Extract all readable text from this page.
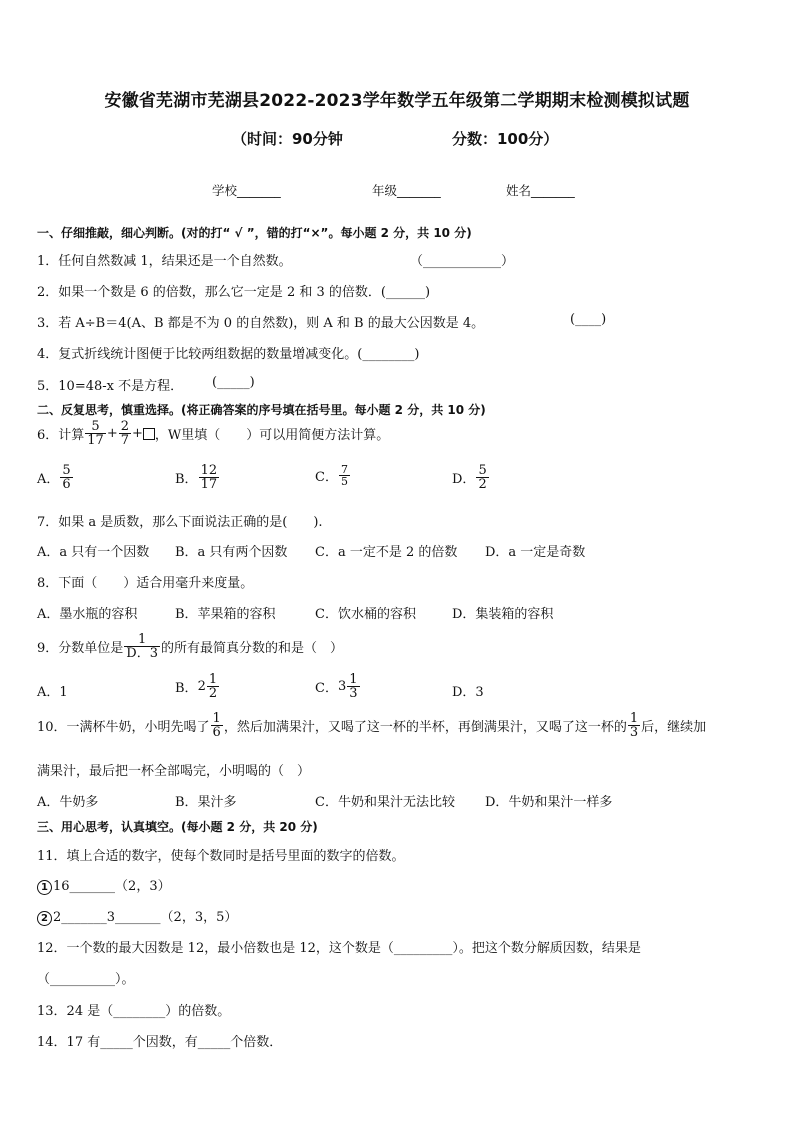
安徽省芜湖市芜湖县2022-2023学年数学五年级第二学期期末检测模拟试题
（时间：90分钟	分数：100分）
学校_______	年级_______	姓名_______
一、仔细推敲，细心判断。(对的打“ √ ”，错的打“×”。每小题 2 分，共 10 分)
1．任何自然数减 1，结果还是一个自然数。	（____________）
2．如果一个数是 6 的倍数，那么它一定是 2 和 3 的倍数．(______)
3．若 A÷B＝4(A、B 都是不为 0 的自然数)，则 A 和 B 的最大公因数是 4。	(____)
4．复式折线统计图便于比较两组数据的数量增减变化。(________)
5．10=48-x 不是方程． (_____)
二、反复思考，慎重选择。(将正确答案的序号填在括号里。每小题 2 分，共 10 分)
6．计算 $\frac{5}{17} + \frac{2}{7}$ + ，W里填（　　）可以用简便方法计算。
A． $\frac{5}{6}$	B． $\frac{12}{17}$	C． $\frac{7}{5}$	D． $\frac{5}{2}$
7．如果 a 是质数，那么下面说法正确的是(　　).
A．a 只有一个因数 B．a 只有两个因数 C．a 一定不是 2 的倍数 D．a 一定是奇数
8．下面（　　）适合用毫升来度量。
A．墨水瓶的容积	B．苹果箱的容积	C．饮水桶的容积	D．集装箱的容积
9．分数单位是 $\frac{1}{D.3}$ 的所有最简真分数的和是（　）
A．1	B． $2 \frac{1}{2}$	C． $3 \frac{1}{3}$	D．3
10．一满杯牛奶，小明先喝了 $\frac{1}{6}$ ，然后加满果汁，又喝了这一杯的半杯，再倒满果汁，又喝了这一杯的 $\frac{1}{3}$ 后，继续加
满果汁，最后把一杯全部喝完，小明喝的（　）
A．牛奶多	B．果汁多	C．牛奶和果汁无法比较 D．牛奶和果汁一样多
三、用心思考，认真填空。(每小题 2 分，共 20 分)
11．填上合适的数字，使每个数同时是括号里面的数字的倍数。
1 16_______（2，3）
2 2_______3_______（2，3，5）
12．一个数的最大因数是 12，最小倍数也是 12，这个数是（_________）。把这个数分解质因数，结果是
（__________）。
13．24 是（________）的倍数。
14．17 有_____个因数，有_____个倍数．
